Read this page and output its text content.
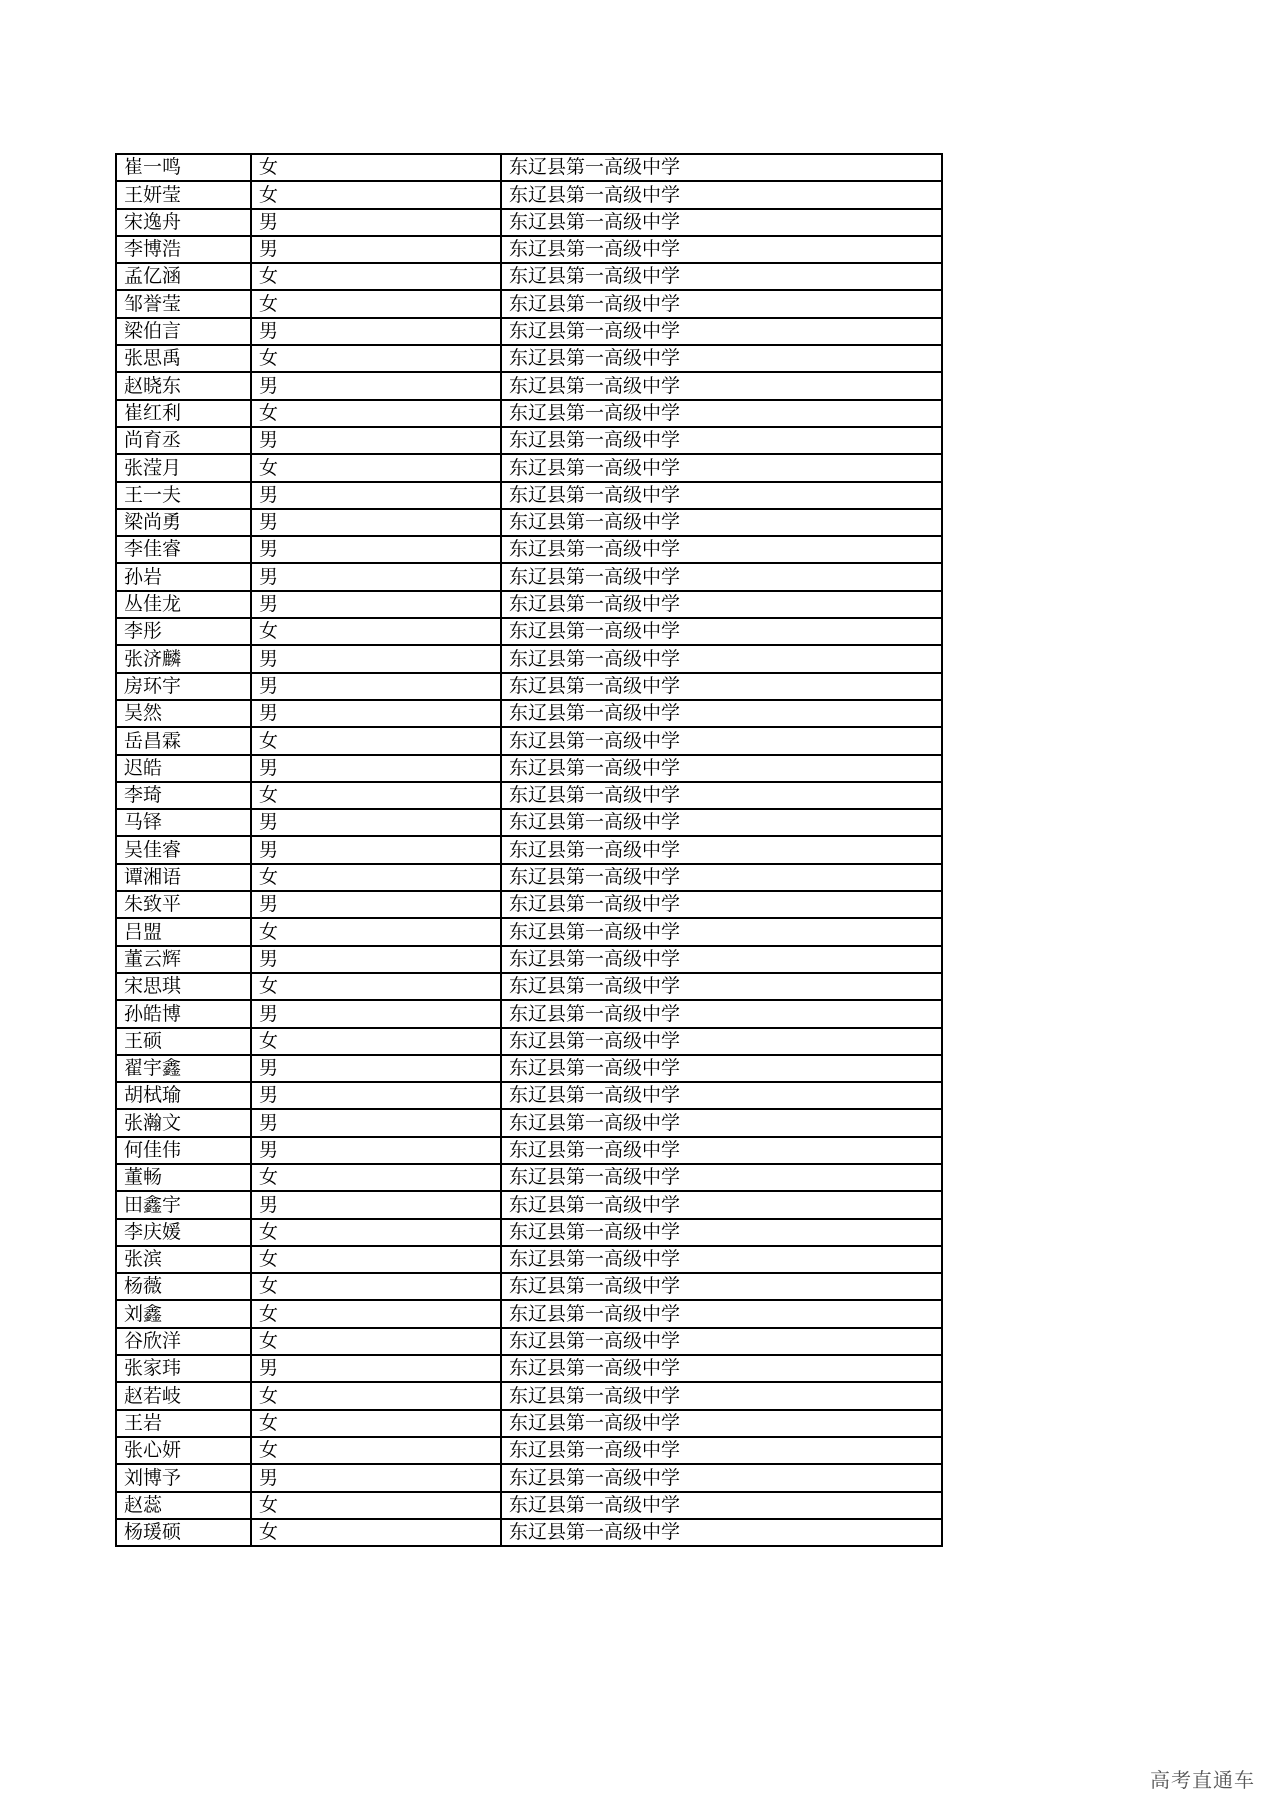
崔一鸣	女	东辽县第一高级中学
王妍莹	女	东辽县第一高级中学
宋逸舟	男	东辽县第一高级中学
李博浩	男	东辽县第一高级中学
孟亿涵	女	东辽县第一高级中学
邹誉莹	女	东辽县第一高级中学
梁伯言	男	东辽县第一高级中学
张思禹	女	东辽县第一高级中学
赵晓东	男	东辽县第一高级中学
崔红利	女	东辽县第一高级中学
尚育丞	男	东辽县第一高级中学
张滢月	女	东辽县第一高级中学
王一夫	男	东辽县第一高级中学
梁尚勇	男	东辽县第一高级中学
李佳睿	男	东辽县第一高级中学
孙岩	男	东辽县第一高级中学
丛佳龙	男	东辽县第一高级中学
李彤	女	东辽县第一高级中学
张济麟	男	东辽县第一高级中学
房环宇	男	东辽县第一高级中学
吴然	男	东辽县第一高级中学
岳昌霖	女	东辽县第一高级中学
迟皓	男	东辽县第一高级中学
李琦	女	东辽县第一高级中学
马铎	男	东辽县第一高级中学
吴佳睿	男	东辽县第一高级中学
谭湘语	女	东辽县第一高级中学
朱致平	男	东辽县第一高级中学
吕盟	女	东辽县第一高级中学
董云辉	男	东辽县第一高级中学
宋思琪	女	东辽县第一高级中学
孙皓博	男	东辽县第一高级中学
王硕	女	东辽县第一高级中学
翟宇鑫	男	东辽县第一高级中学
胡栻瑜	男	东辽县第一高级中学
张瀚文	男	东辽县第一高级中学
何佳伟	男	东辽县第一高级中学
董畅	女	东辽县第一高级中学
田鑫宇	男	东辽县第一高级中学
李庆媛	女	东辽县第一高级中学
张滨	女	东辽县第一高级中学
杨薇	女	东辽县第一高级中学
刘鑫	女	东辽县第一高级中学
谷欣洋	女	东辽县第一高级中学
张家玮	男	东辽县第一高级中学
赵若岐	女	东辽县第一高级中学
王岩	女	东辽县第一高级中学
张心妍	女	东辽县第一高级中学
刘博予	男	东辽县第一高级中学
赵蕊	女	东辽县第一高级中学
杨瑗硕	女	东辽县第一高级中学
高考直通车
